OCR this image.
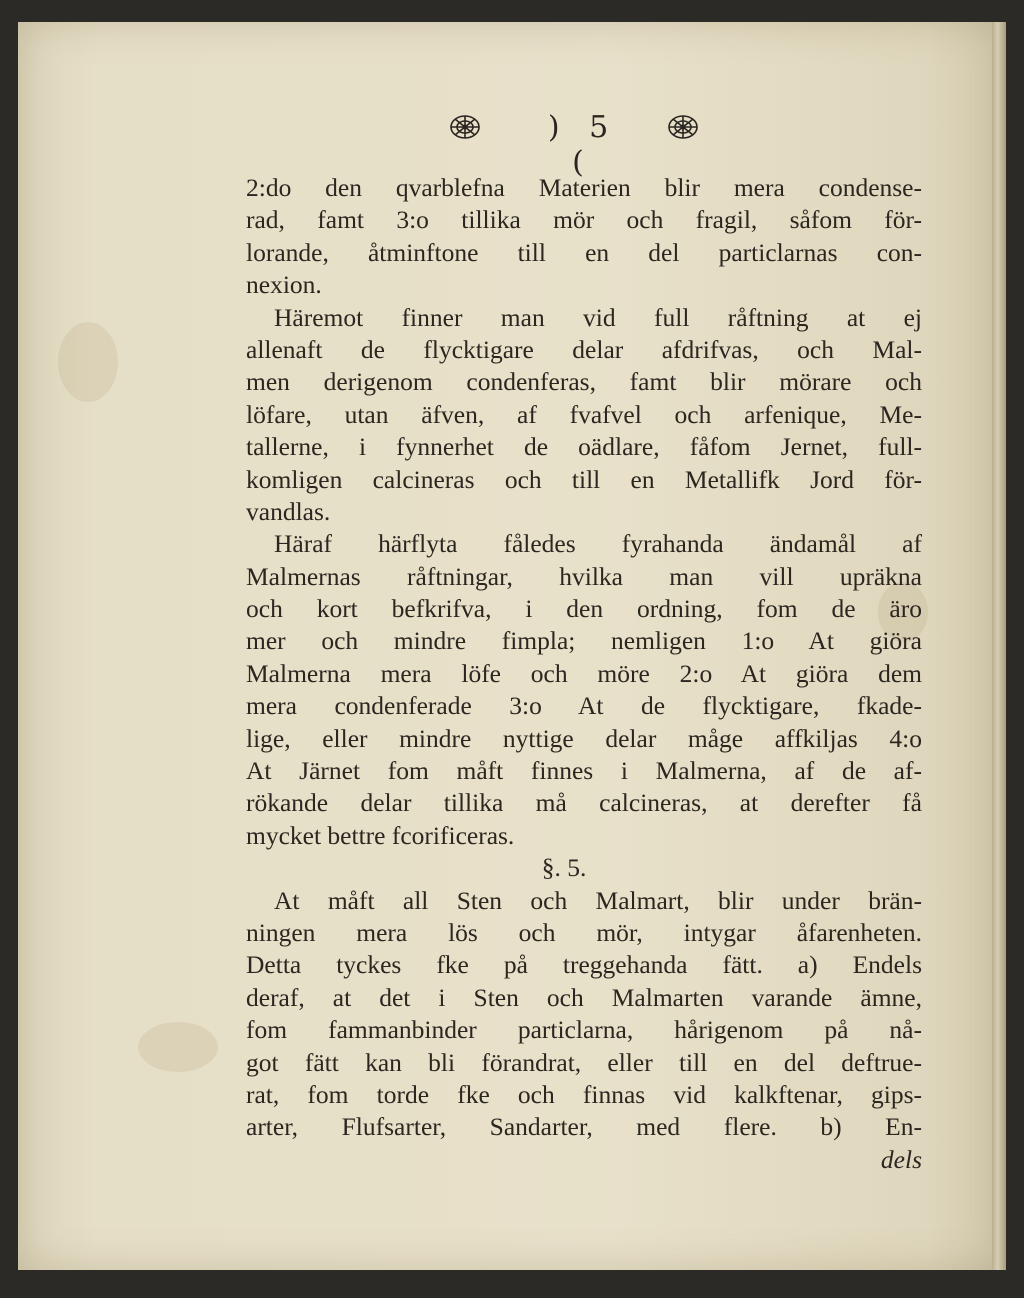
) 5 (
2:do den qvarblefna Materien blir mera condense-
rad, famt 3:o tillika mör och fragil, såfom för-
lorande, åtminftone till en del particlarnas con-
nexion.
Häremot finner man vid full råftning at ej
allenaft de flycktigare delar afdrifvas, och Mal-
men derigenom condenferas, famt blir mörare och
löfare, utan äfven, af fvafvel och arfenique, Me-
tallerne, i fynnerhet de oädlare, fåfom Jernet, full-
komligen calcineras och till en Metallifk Jord för-
vandlas.
Häraf härflyta fåledes fyrahanda ändamål af
Malmernas råftningar, hvilka man vill upräkna
och kort befkrifva, i den ordning, fom de äro
mer och mindre fimpla; nemligen 1:o At giöra
Malmerna mera löfe och möre 2:o At giöra dem
mera condenferade 3:o At de flycktigare, fkade-
lige, eller mindre nyttige delar måge affkiljas 4:o
At Järnet fom måft finnes i Malmerna, af de af-
rökande delar tillika må calcineras, at derefter få
mycket bettre fcorificeras.
§. 5.
At måft all Sten och Malmart, blir under brän-
ningen mera lös och mör, intygar åfarenheten.
Detta tyckes fke på treggehanda fätt. a) Endels
deraf, at det i Sten och Malmarten varande ämne,
fom fammanbinder particlarna, hårigenom på nå-
got fätt kan bli förandrat, eller till en del deftrue-
rat, fom torde fke och finnas vid kalkftenar, gips-
arter, Flufsarter, Sandarter, med flere. b) En-
dels
